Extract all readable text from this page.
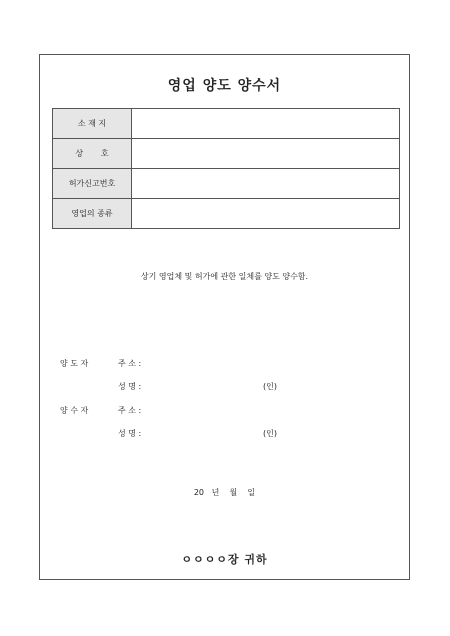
영업 양도 양수서
소 재 지	
상       호	
허가신고번호	
영업의 종류	
상기 영업체 및 허가에 관한 일체를 양도 양수함.
양 도 자	주 소 :
성 명 :	(인)
양 수 자	주 소 :
성 명 :	(인)
20   년    월    일
ㅇㅇㅇㅇ장 귀하
